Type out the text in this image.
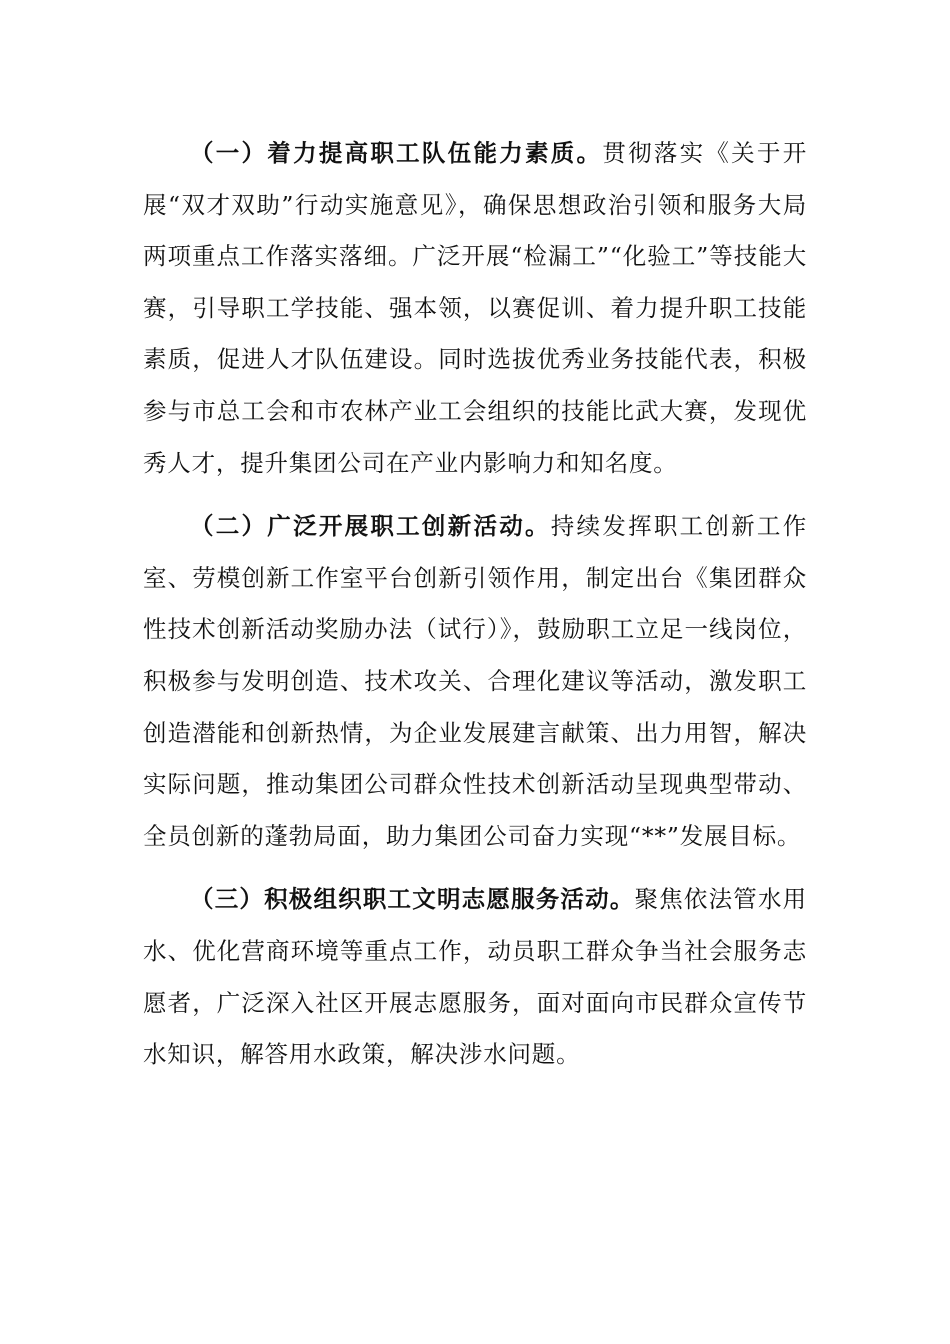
（一）着力提高职工队伍能力素质。贯彻落实《关于开展“双才双助”行动实施意见》，确保思想政治引领和服务大局两项重点工作落实落细。广泛开展“检漏工”“化验工”等技能大赛，引导职工学技能、强本领，以赛促训、着力提升职工技能素质，促进人才队伍建设。同时选拔优秀业务技能代表，积极参与市总工会和市农林产业工会组织的技能比武大赛，发现优秀人才，提升集团公司在产业内影响力和知名度。

（二）广泛开展职工创新活动。持续发挥职工创新工作室、劳模创新工作室平台创新引领作用，制定出台《集团群众性技术创新活动奖励办法（试行）》，鼓励职工立足一线岗位，积极参与发明创造、技术攻关、合理化建议等活动，激发职工创造潜能和创新热情，为企业发展建言献策、出力用智，解决实际问题，推动集团公司群众性技术创新活动呈现典型带动、全员创新的蓬勃局面，助力集团公司奋力实现“**”发展目标。

（三）积极组织职工文明志愿服务活动。聚焦依法管水用水、优化营商环境等重点工作，动员职工群众争当社会服务志愿者，广泛深入社区开展志愿服务，面对面向市民群众宣传节水知识，解答用水政策，解决涉水问题。
